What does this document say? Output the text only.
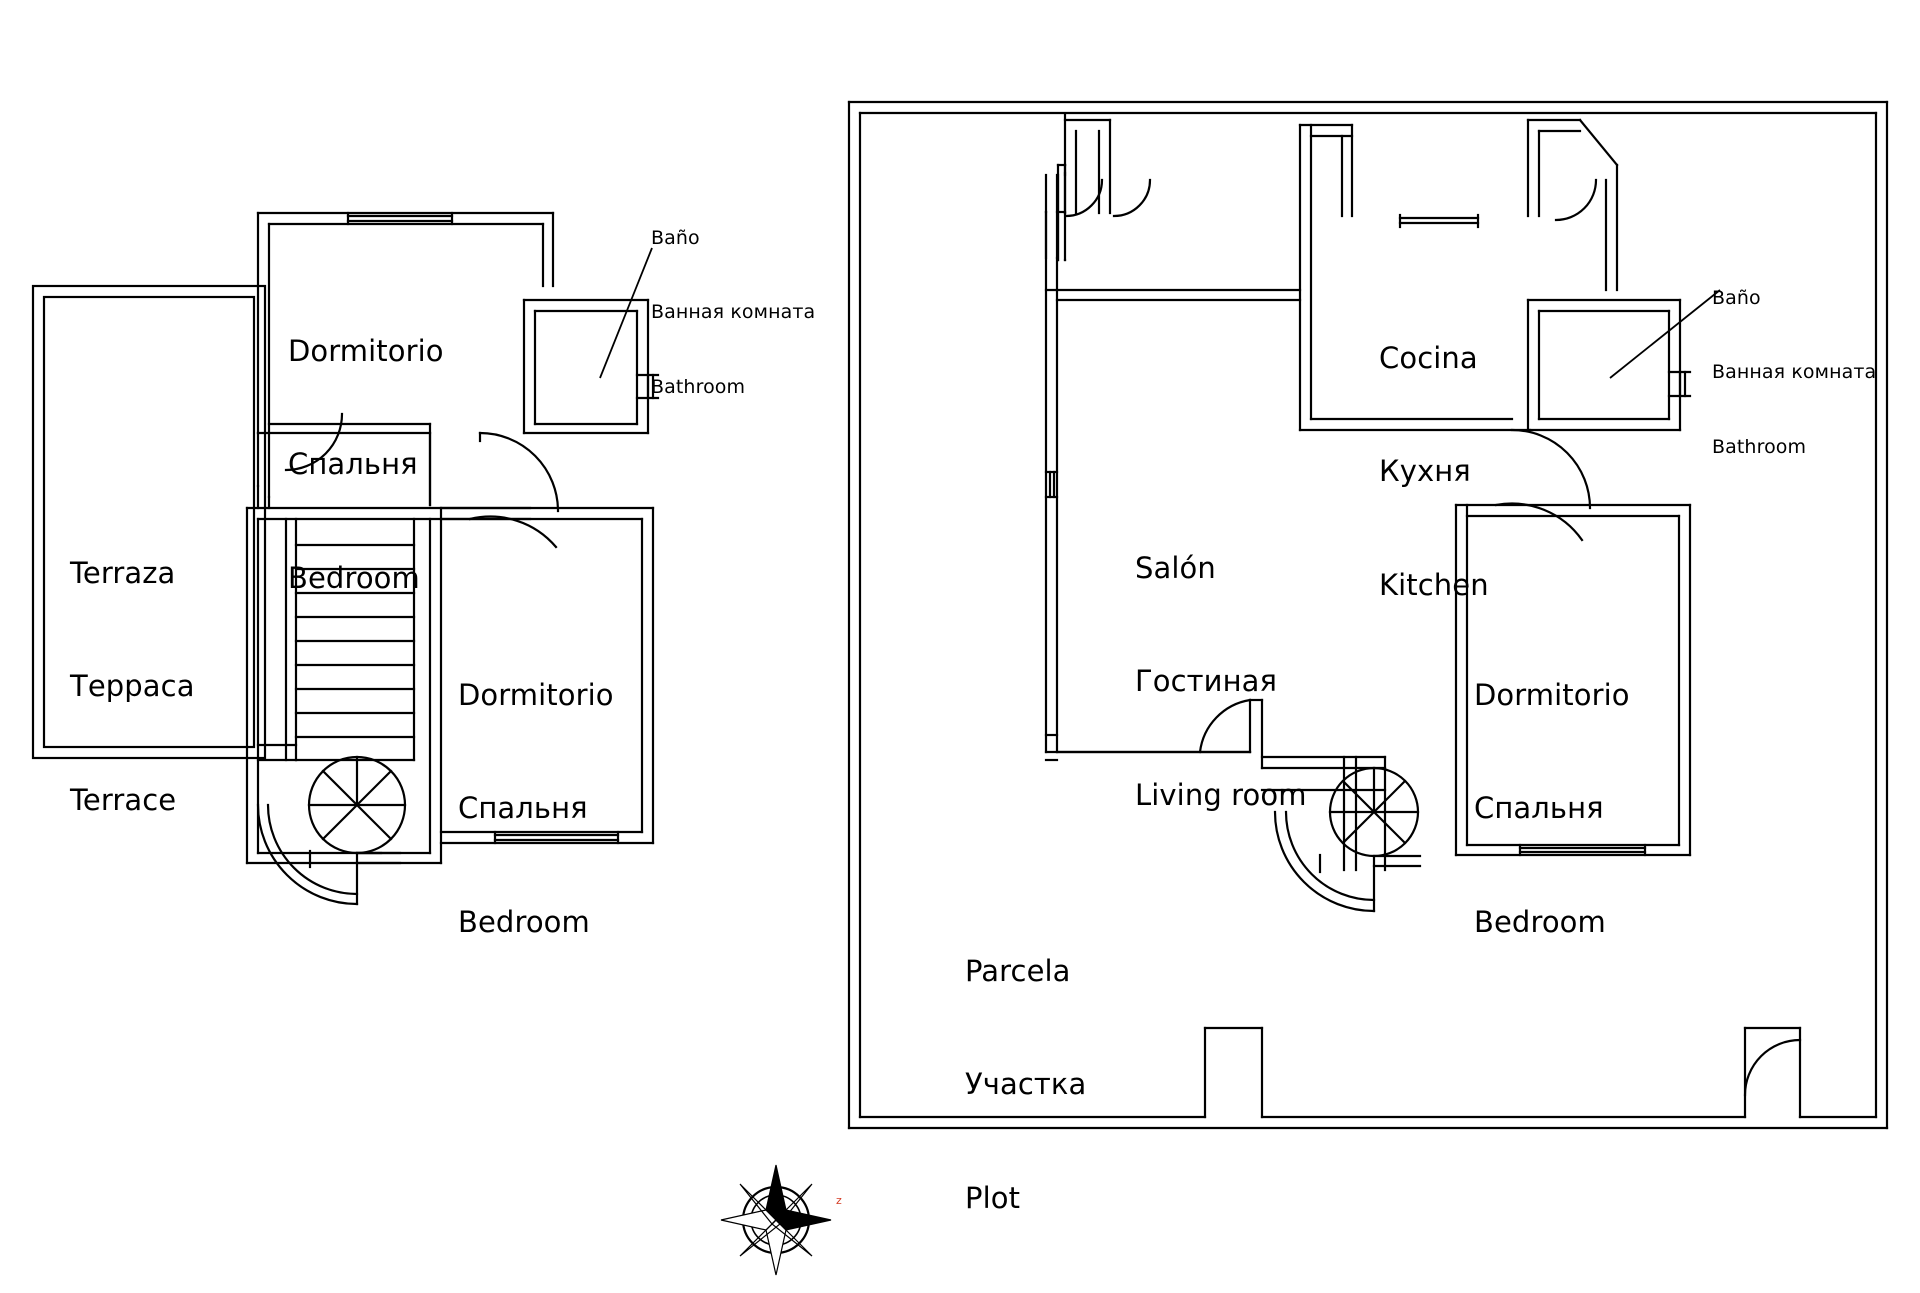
z

Terraza

Терраса

Terrace

Dormitorio

Спальня

Bedroom

Dormitorio

Спальня

Bedroom

Baño

Ванная комната

Bathroom

Cocina

Кухня

Kitchen

Salón

Гостиная

Living room

Dormitorio

Спальня

Bedroom

Baño

Ванная комната

Bathroom

Parcela

Участка

Plot
